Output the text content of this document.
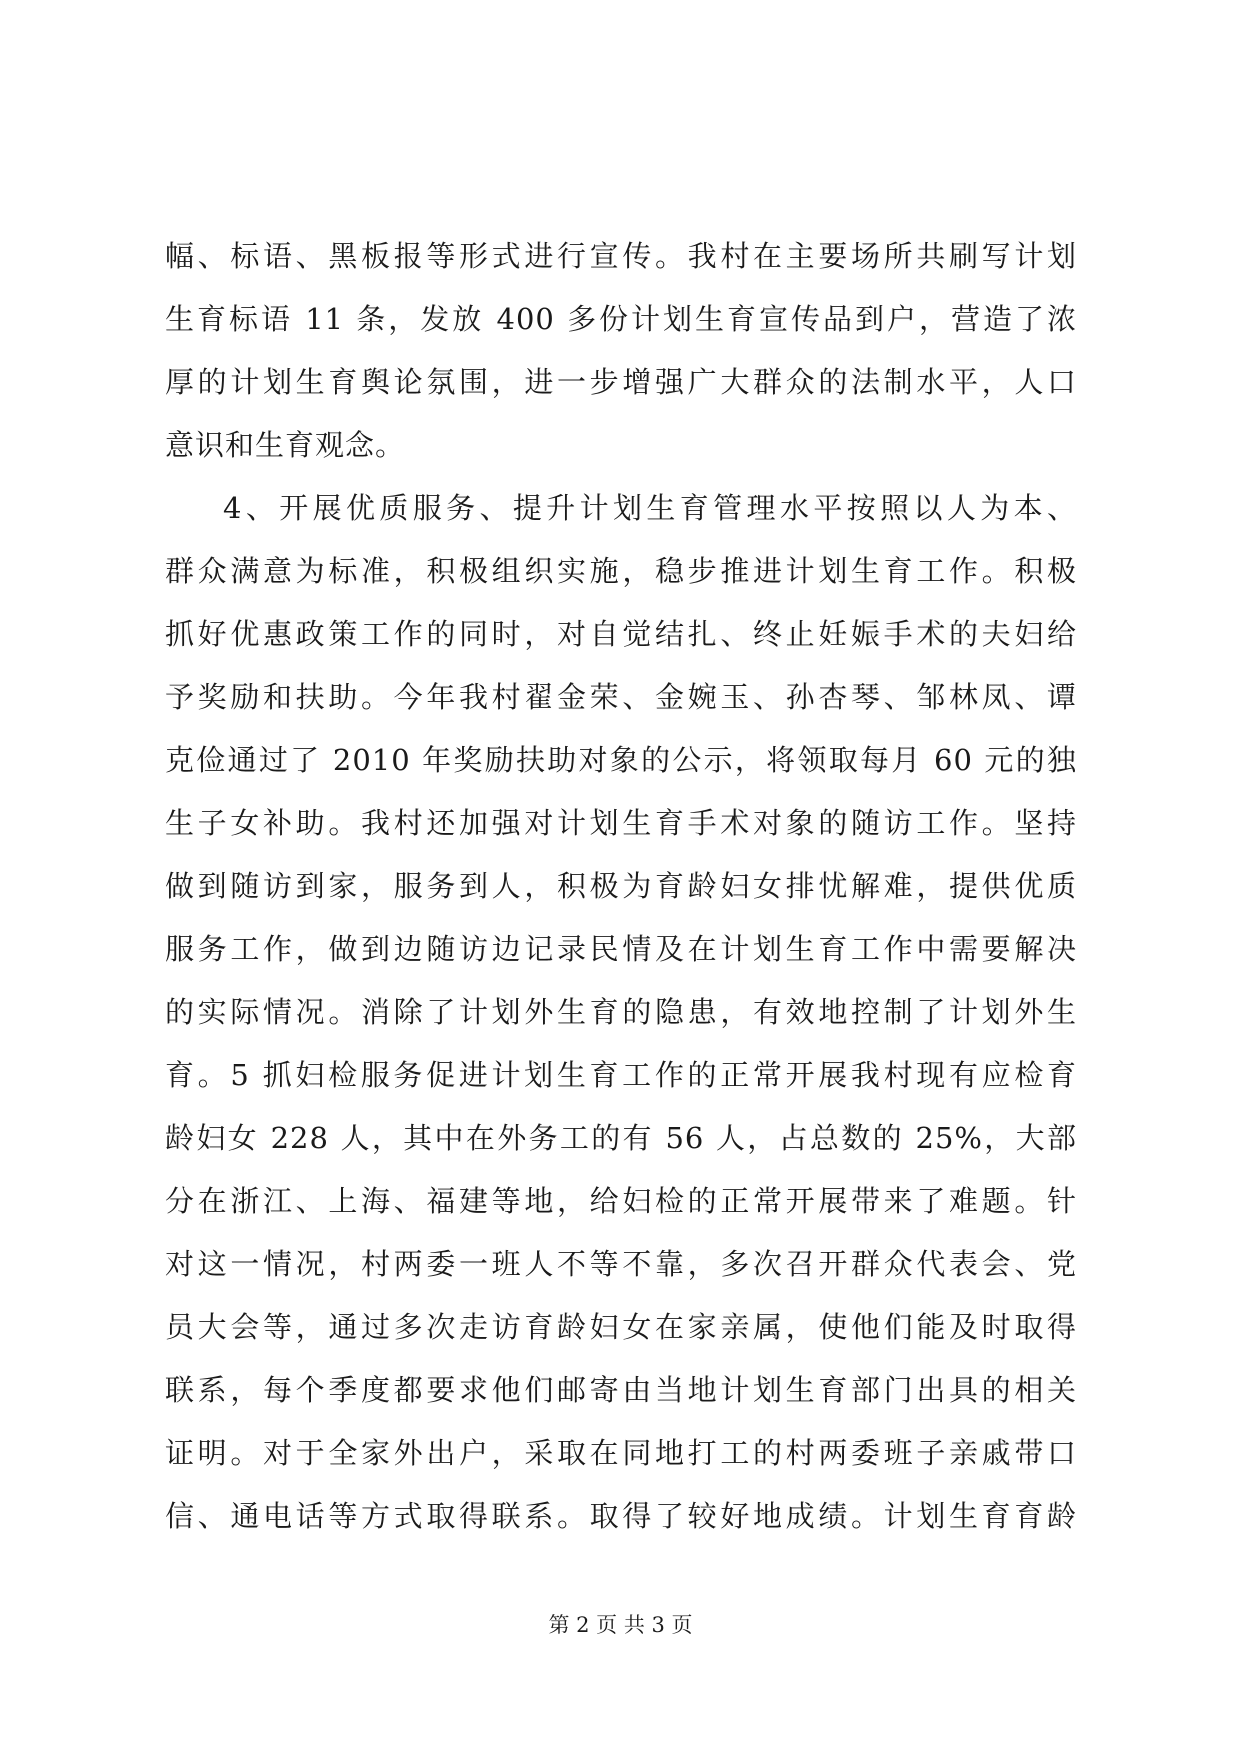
幅、标语、黑板报等形式进行宣传。我村在主要场所共刷写计划
生育标语 11 条，发放 400 多份计划生育宣传品到户，营造了浓
厚的计划生育舆论氛围，进一步增强广大群众的法制水平，人口
意识和生育观念。
4、开展优质服务、提升计划生育管理水平按照以人为本、
群众满意为标准，积极组织实施，稳步推进计划生育工作。积极
抓好优惠政策工作的同时，对自觉结扎、终止妊娠手术的夫妇给
予奖励和扶助。今年我村翟金荣、金婉玉、孙杏琴、邹林凤、谭
克俭通过了 2010 年奖励扶助对象的公示，将领取每月 60 元的独
生子女补助。我村还加强对计划生育手术对象的随访工作。坚持
做到随访到家，服务到人，积极为育龄妇女排忧解难，提供优质
服务工作，做到边随访边记录民情及在计划生育工作中需要解决
的实际情况。消除了计划外生育的隐患，有效地控制了计划外生
育。5 抓妇检服务促进计划生育工作的正常开展我村现有应检育
龄妇女 228 人，其中在外务工的有 56 人，占总数的 25%，大部
分在浙江、上海、福建等地，给妇检的正常开展带来了难题。针
对这一情况，村两委一班人不等不靠，多次召开群众代表会、党
员大会等，通过多次走访育龄妇女在家亲属，使他们能及时取得
联系，每个季度都要求他们邮寄由当地计划生育部门出具的相关
证明。对于全家外出户，采取在同地打工的村两委班子亲戚带口
信、通电话等方式取得联系。取得了较好地成绩。计划生育育龄
第 2 页 共 3 页
